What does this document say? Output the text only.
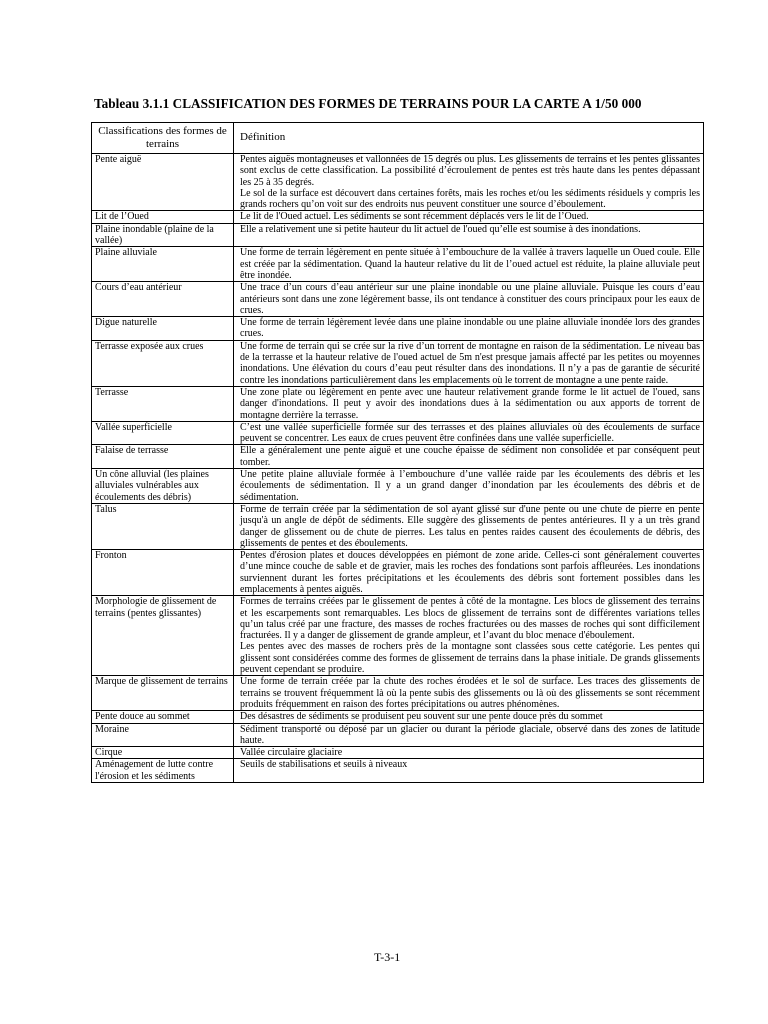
Tableau 3.1.1 CLASSIFICATION DES FORMES DE TERRAINS POUR LA CARTE A 1/50 000
Classifications des formes de terrains	Définition
Pente aiguë	Pentes aiguës montagneuses et vallonnées de 15 degrés ou plus. Les glissements de terrains et les pentes glissantes sont exclus de cette classification. La possibilité d’écroulement de pentes est très haute dans les pentes dépassant les 25 à 35 degrés.
Le sol de la surface est découvert dans certaines forêts, mais les roches et/ou les sédiments résiduels y compris les grands rochers qu’on voit sur des endroits nus peuvent constituer une source d’éboulement.

Lit de l’Oued	Le lit de l'Oued actuel. Les sédiments se sont récemment déplacés vers le lit de l’Oued.

Plaine inondable (plaine de la vallée)	Elle a relativement une si petite hauteur du lit actuel de l'oued qu’elle est soumise à des inondations.

Plaine alluviale	Une forme de terrain légèrement en pente située à l’embouchure de la vallée à travers laquelle un Oued coule. Elle est créée par la sédimentation. Quand la hauteur relative du lit de l’oued actuel est réduite, la plaine alluviale peut être inondée.

Cours d’eau antérieur	Une trace d’un cours d’eau antérieur sur une plaine inondable ou une plaine alluviale. Puisque les cours d’eau antérieurs sont dans une zone légèrement basse, ils ont tendance à constituer des cours principaux pour les eaux de crues.

Digue naturelle	Une forme de terrain légèrement levée dans une plaine inondable ou une plaine alluviale inondée lors des grandes crues.

Terrasse exposée aux crues	Une forme de terrain qui se crée sur la rive d’un torrent de montagne en raison de la sédimentation. Le niveau bas de la terrasse et la hauteur relative de l'oued actuel de 5m n'est presque jamais affecté par les petites ou moyennes inondations. Une élévation du cours d’eau peut résulter dans des inondations. Il n’y a pas de garantie de sécurité contre les inondations particulièrement dans les emplacements où le torrent de montagne a une pente raide.

Terrasse	Une zone plate ou légèrement en pente avec une hauteur relativement grande forme le lit actuel de l'oued, sans danger d'inondations. Il peut y avoir des inondations dues à la sédimentation ou aux apports de torrent de montagne derrière la terrasse.

Vallée superficielle	C’est une vallée superficielle formée sur des terrasses et des plaines alluviales où des écoulements de surface peuvent se concentrer. Les eaux de crues peuvent être confinées dans une vallée superficielle.

Falaise de terrasse	Elle a généralement une pente aiguë et une couche épaisse de sédiment non consolidée et par conséquent peut tomber.

Un cône alluvial (les plaines alluviales vulnérables aux écoulements des débris)	Une petite plaine alluviale formée à l’embouchure d’une vallée raide par les écoulements des débris et les écoulements de sédimentation. Il y a un grand danger d’inondation par les écoulements des débris et de sédimentation.

Talus	Forme de terrain créée par la sédimentation de sol ayant glissé sur d'une pente ou une chute de pierre en pente jusqu'à un angle de dépôt de sédiments. Elle suggère des glissements de pentes antérieures. Il y a un très grand danger de glissement ou de chute de pierres. Les talus en pentes raides causent des écoulements de débris, des glissements de pentes et des éboulements.

Fronton	Pentes d'érosion plates et douces développées en piémont de zone aride. Celles-ci sont généralement couvertes d’une mince couche de sable et de gravier, mais les roches des fondations sont parfois affleurées. Les inondations surviennent durant les fortes précipitations et les écoulements des débris sont fortement possibles dans les emplacements à pentes aiguës.

Morphologie de glissement de terrains (pentes glissantes)	Formes de terrains créées par le glissement de pentes à côté de la montagne. Les blocs de glissement des terrains et les escarpements sont remarquables. Les blocs de glissement de terrains sont de différentes variations telles qu’un talus créé par une fracture, des masses de roches fracturées ou des masses de roches qui sont difficilement fracturées. Il y a danger de glissement de grande ampleur, et l’avant du bloc menace d'éboulement.
Les pentes avec des masses de rochers près de la montagne sont classées sous cette catégorie. Les pentes qui glissent sont considérées comme des formes de glissement de terrains dans la phase initiale. De grands glissements peuvent cependant se produire.

Marque de glissement de terrains	Une forme de terrain créée par la chute des roches érodées et le sol de surface. Les traces des glissements de terrains se trouvent fréquemment là où la pente subis des glissements ou là où des glissements se sont récemment produits fréquemment en raison des fortes précipitations ou autres phénomènes.

Pente douce au sommet	Des désastres de sédiments se produisent peu souvent sur une pente douce près du sommet

Moraine	Sédiment transporté ou déposé par un glacier ou durant la période glaciale, observé dans des zones de latitude haute.

Cirque	Vallée circulaire glaciaire

Aménagement de lutte contre l'érosion et les sédiments	Seuils de stabilisations et seuils à niveaux
T-3-1
